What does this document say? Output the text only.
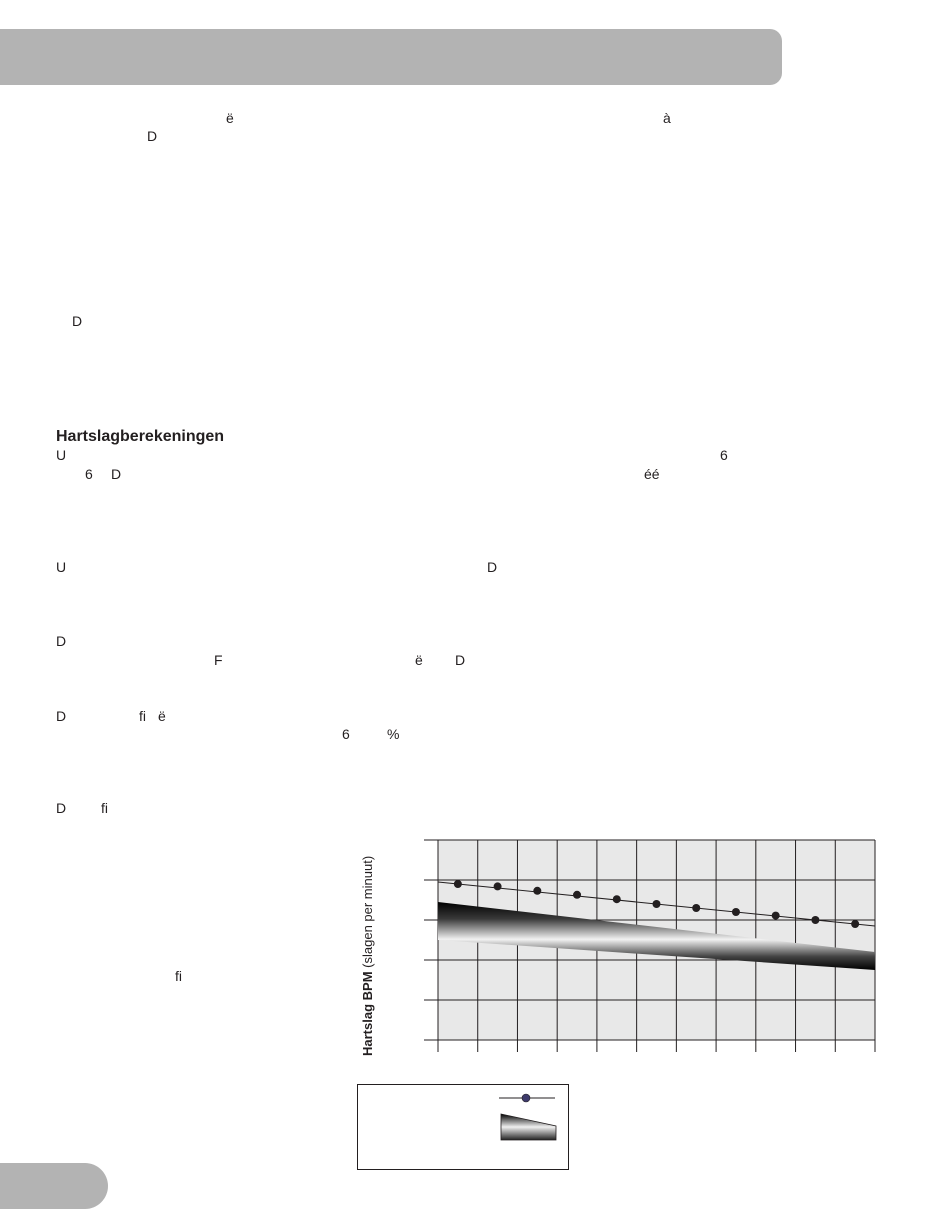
ë	à
D
D
Hartslagberekeningen
U	6
6 D	éé
U	D
D
F	ë D
D	fi ë
6	%
D fi
fi	Hartslag BPM (slagen per minuut)
